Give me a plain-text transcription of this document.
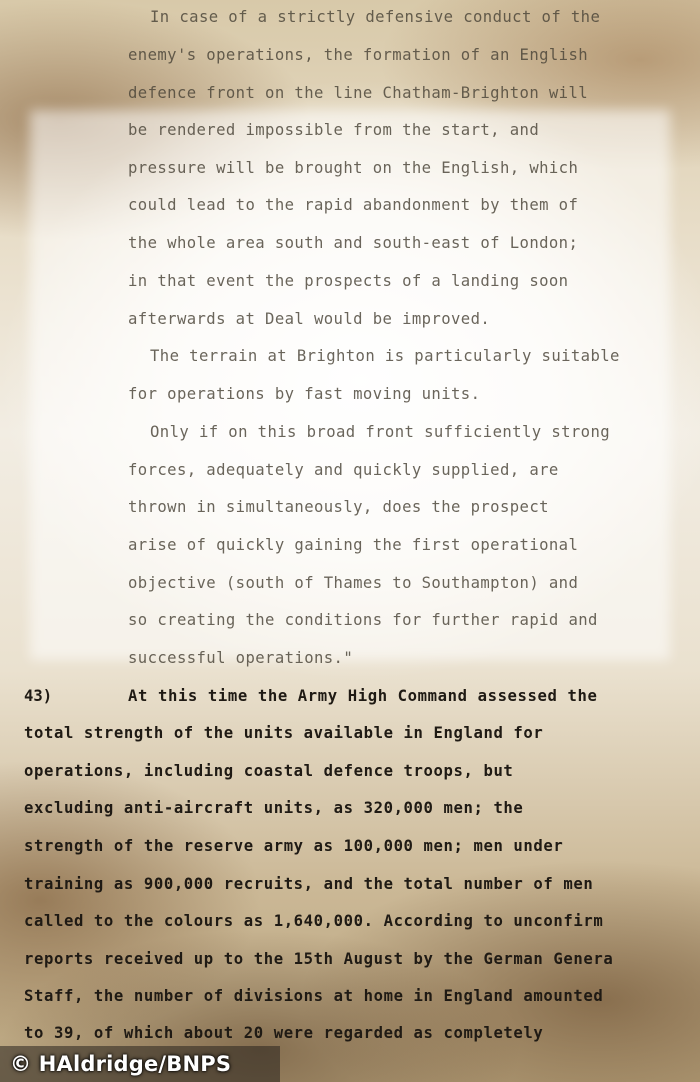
In case of a strictly defensive conduct of the
enemy's operations, the formation of an English
defence front on the line Chatham-Brighton will
be rendered impossible from the start, and
pressure will be brought on the English, which
could lead to the rapid abandonment by them of
the whole area south and south-east of London;
in that event the prospects of a landing soon
afterwards at Deal would be improved.
The terrain at Brighton is particularly suitable
for operations by fast moving units.
Only if on this broad front sufficiently strong
forces, adequately and quickly supplied, are
thrown in simultaneously, does the prospect
arise of quickly gaining the first operational
objective (south of Thames to Southampton) and
so creating the conditions for further rapid and
successful operations."
43)	At this time the Army High Command assessed the
total strength of the units available in England for
operations, including coastal defence troops, but
excluding anti-aircraft units, as 320,000 men; the
strength of the reserve army as 100,000 men; men under
training as 900,000 recruits, and the total number of men
called to the colours as 1,640,000. According to unconfirm
reports received up to the 15th August by the German Genera
Staff, the number of divisions at home in England amounted
to 39, of which about 20 were regarded as completely
© HAldridge/BNPS
